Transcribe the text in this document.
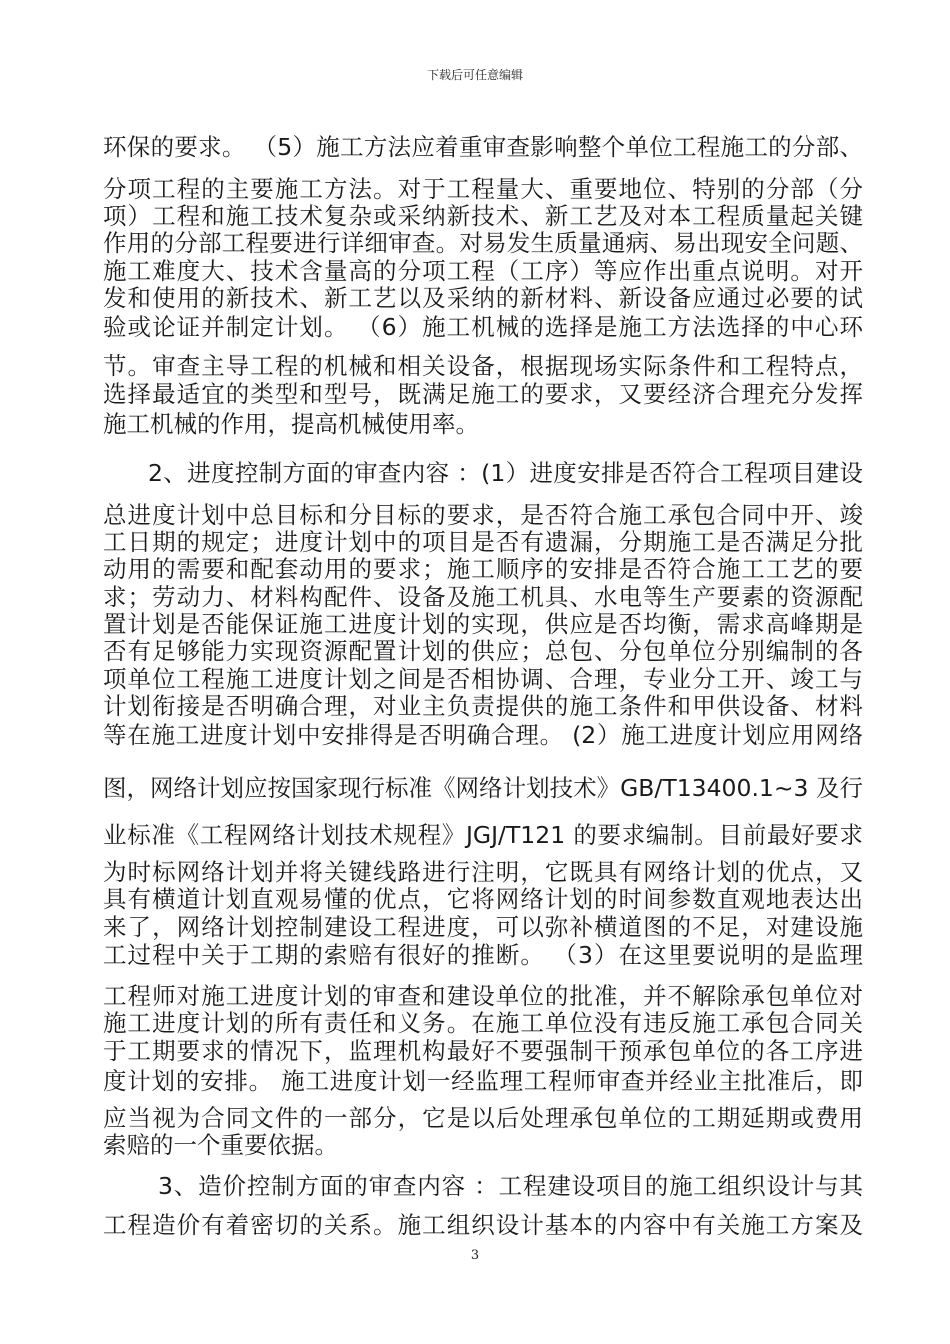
下载后可任意编辑
环保的要求。 （5）施工方法应着重审查影响整个单位工程施工的分部、
分项工程的主要施工方法。对于工程量大、重要地位、特别的分部（分
项）工程和施工技术复杂或采纳新技术、新工艺及对本工程质量起关键
作用的分部工程要进行详细审查。对易发生质量通病、易出现安全问题、
施工难度大、技术含量高的分项工程（工序）等应作出重点说明。对开
发和使用的新技术、新工艺以及采纳的新材料、新设备应通过必要的试
验或论证并制定计划。 （6）施工机械的选择是施工方法选择的中心环
节。审查主导工程的机械和相关设备，根据现场实际条件和工程特点，
选择最适宜的类型和型号，既满足施工的要求，又要经济合理充分发挥
施工机械的作用，提高机械使用率。
2、进度控制方面的审查内容 ：(1）进度安排是否符合工程项目建设
总进度计划中总目标和分目标的要求，是否符合施工承包合同中开、竣
工日期的规定；进度计划中的项目是否有遗漏，分期施工是否满足分批
动用的需要和配套动用的要求；施工顺序的安排是否符合施工工艺的要
求；劳动力、材料构配件、设备及施工机具、水电等生产要素的资源配
置计划是否能保证施工进度计划的实现，供应是否均衡，需求高峰期是
否有足够能力实现资源配置计划的供应；总包、分包单位分别编制的各
项单位工程施工进度计划之间是否相协调、合理，专业分工开、竣工与
计划衔接是否明确合理，对业主负责提供的施工条件和甲供设备、材料
等在施工进度计划中安排得是否明确合理。 (2）施工进度计划应用网络
图，网络计划应按国家现行标准《网络计划技术》GB/T13400.1~3 及行
业标准《工程网络计划技术规程》JGJ/T121 的要求编制。目前最好要求
为时标网络计划并将关键线路进行注明，它既具有网络计划的优点，又
具有横道计划直观易懂的优点，它将网络计划的时间参数直观地表达出
来了，网络计划控制建设工程进度，可以弥补横道图的不足，对建设施
工过程中关于工期的索赔有很好的推断。 （3）在这里要说明的是监理
工程师对施工进度计划的审查和建设单位的批准，并不解除承包单位对
施工进度计划的所有责任和义务。在施工单位没有违反施工承包合同关
于工期要求的情况下，监理机构最好不要强制干预承包单位的各工序进
度计划的安排。 施工进度计划一经监理工程师审查并经业主批准后，即
应当视为合同文件的一部分，它是以后处理承包单位的工期延期或费用
索赔的一个重要依据。
3、造价控制方面的审查内容 ：工程建设项目的施工组织设计与其
工程造价有着密切的关系。施工组织设计基本的内容中有关施工方案及
3
